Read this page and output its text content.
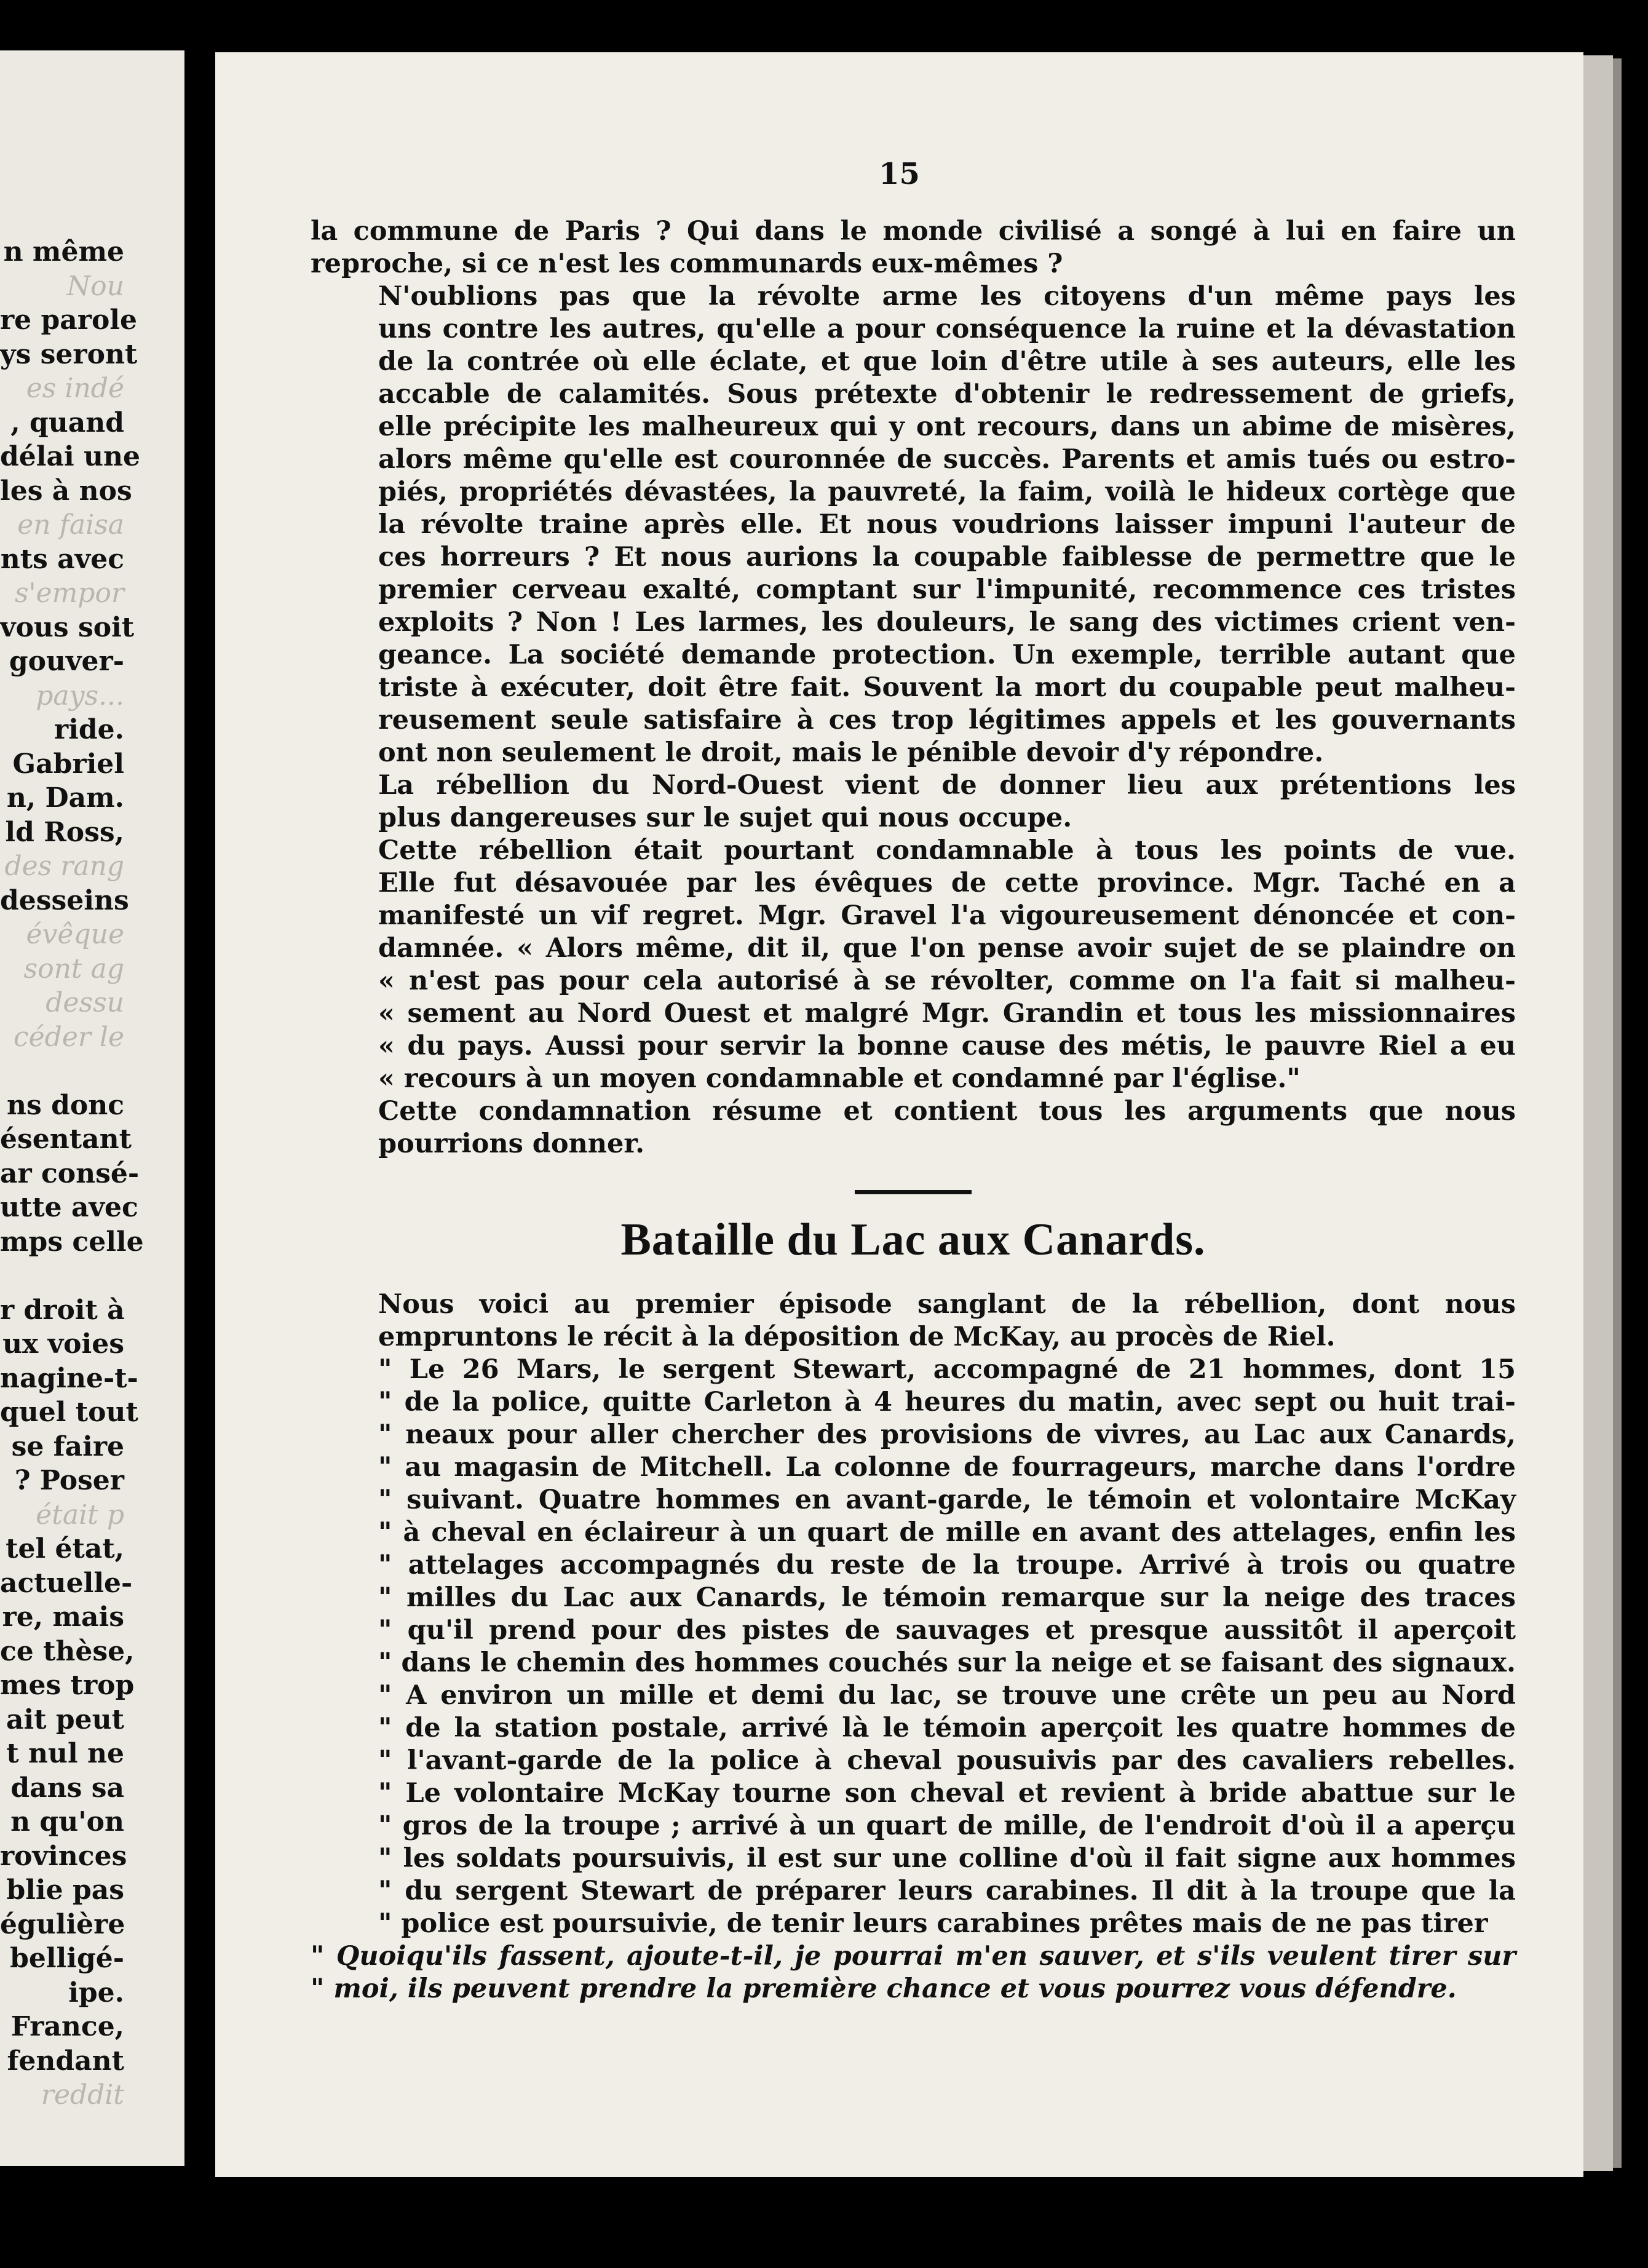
n même
Nou
re parole
ys seront
es indé
, quand
délai une
les à nos
en faisa
nts avec
s'empor
vous soit
gouver-
pays...
ride.
Gabriel
n, Dam.
ld Ross,
des rang
desseins
évêque
sont ag
dessu
céder le
ns donc
ésentant
ar consé-
utte avec
mps celle
r droit à
ux voies
nagine-t-
quel tout
se faire
? Poser
était p
tel état,
actuelle-
re, mais
ce thèse,
mes trop
ait peut
t nul ne
dans sa
n qu'on
rovinces
blie pas
égulière
belligé-
ipe.
France,
fendant
reddit
15

la commune de Paris ? Qui dans le monde civilisé a songé à lui en faire un
reproche, si ce n'est les communards eux-mêmes ?

N'oublions pas que la révolte arme les citoyens d'un même pays les
uns contre les autres, qu'elle a pour conséquence la ruine et la dévastation
de la contrée où elle éclate, et que loin d'être utile à ses auteurs, elle les
accable de calamités. Sous prétexte d'obtenir le redressement de griefs,
elle précipite les malheureux qui y ont recours, dans un abime de misères,
alors même qu'elle est couronnée de succès. Parents et amis tués ou estro-
piés, propriétés dévastées, la pauvreté, la faim, voilà le hideux cortège que
la révolte traine après elle. Et nous voudrions laisser impuni l'auteur de
ces horreurs ? Et nous aurions la coupable faiblesse de permettre que le
premier cerveau exalté, comptant sur l'impunité, recommence ces tristes
exploits ? Non ! Les larmes, les douleurs, le sang des victimes crient ven-
geance. La société demande protection. Un exemple, terrible autant que
triste à exécuter, doit être fait. Souvent la mort du coupable peut malheu-
reusement seule satisfaire à ces trop légitimes appels et les gouvernants
ont non seulement le droit, mais le pénible devoir d'y répondre.

La rébellion du Nord-Ouest vient de donner lieu aux prétentions les
plus dangereuses sur le sujet qui nous occupe.

Cette rébellion était pourtant condamnable à tous les points de vue.
Elle fut désavouée par les évêques de cette province. Mgr. Taché en a
manifesté un vif regret. Mgr. Gravel l'a vigoureusement dénoncée et con-
damnée. « Alors même, dit il, que l'on pense avoir sujet de se plaindre on
« n'est pas pour cela autorisé à se révolter, comme on l'a fait si malheu-
« sement au Nord Ouest et malgré Mgr. Grandin et tous les missionnaires
« du pays. Aussi pour servir la bonne cause des métis, le pauvre Riel a eu
« recours à un moyen condamnable et condamné par l'église."

Cette condamnation résume et contient tous les arguments que nous
pourrions donner.

Bataille du Lac aux Canards.

Nous voici au premier épisode sanglant de la rébellion, dont nous
empruntons le récit à la déposition de McKay, au procès de Riel.

" Le 26 Mars, le sergent Stewart, accompagné de 21 hommes, dont 15
" de la police, quitte Carleton à 4 heures du matin, avec sept ou huit trai-
" neaux pour aller chercher des provisions de vivres, au Lac aux Canards,
" au magasin de Mitchell. La colonne de fourrageurs, marche dans l'ordre
" suivant. Quatre hommes en avant-garde, le témoin et volontaire McKay
" à cheval en éclaireur à un quart de mille en avant des attelages, enfin les
" attelages accompagnés du reste de la troupe. Arrivé à trois ou quatre
" milles du Lac aux Canards, le témoin remarque sur la neige des traces
" qu'il prend pour des pistes de sauvages et presque aussitôt il aperçoit
" dans le chemin des hommes couchés sur la neige et se faisant des signaux.
" A environ un mille et demi du lac, se trouve une crête un peu au Nord
" de la station postale, arrivé là le témoin aperçoit les quatre hommes de
" l'avant-garde de la police à cheval pousuivis par des cavaliers rebelles.
" Le volontaire McKay tourne son cheval et revient à bride abattue sur le
" gros de la troupe ; arrivé à un quart de mille, de l'endroit d'où il a aperçu
" les soldats poursuivis, il est sur une colline d'où il fait signe aux hommes
" du sergent Stewart de préparer leurs carabines. Il dit à la troupe que la
" police est poursuivie, de tenir leurs carabines prêtes mais de ne pas tirer

" Quoiqu'ils fassent, ajoute-t-il, je pourrai m'en sauver, et s'ils veulent tirer sur
" moi, ils peuvent prendre la première chance et vous pourrez vous défendre.
